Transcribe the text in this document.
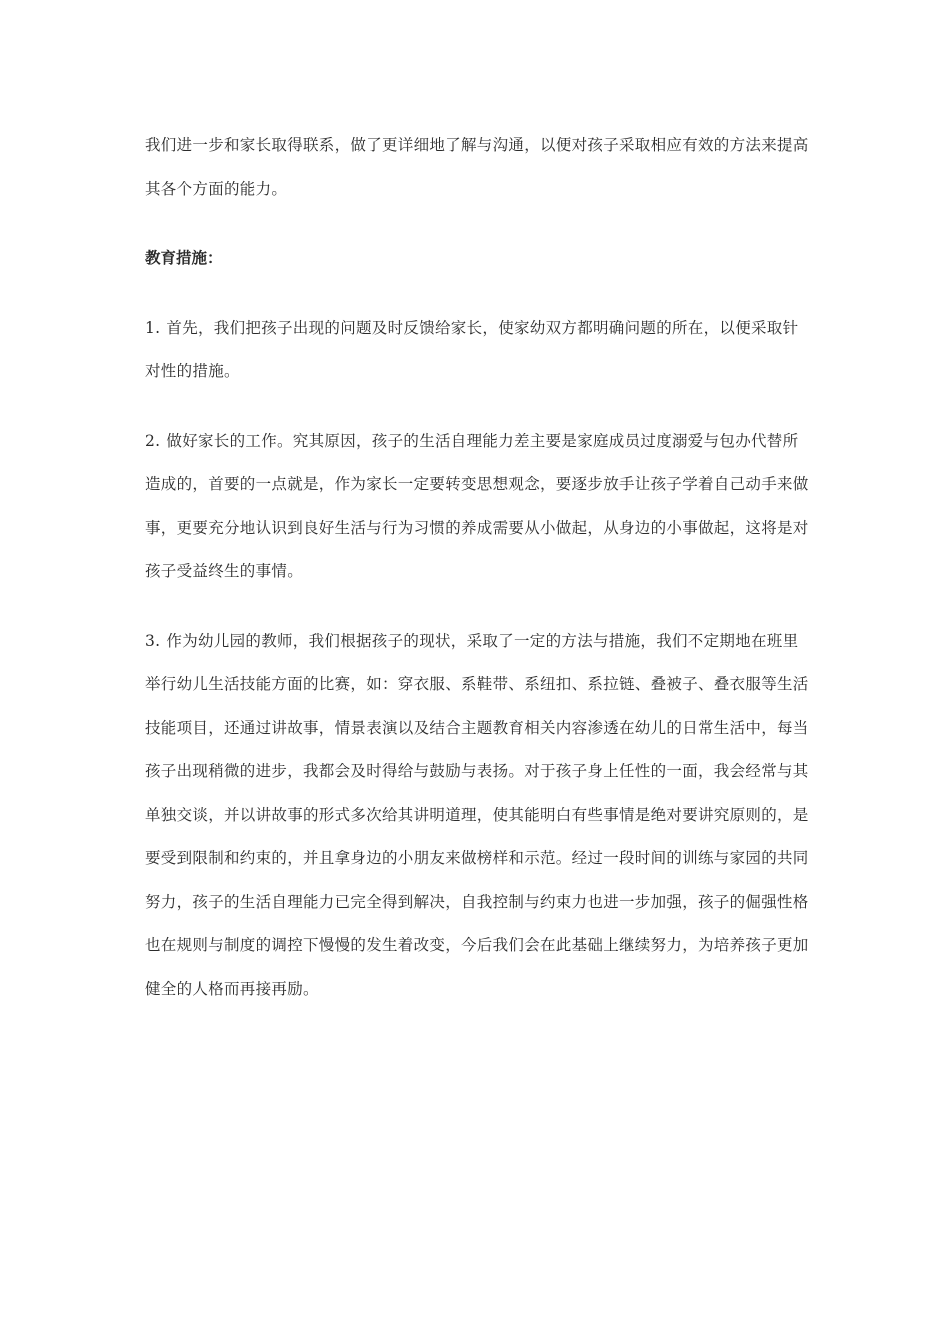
我们进一步和家长取得联系，做了更详细地了解与沟通，以便对孩子采取相应有效的方法来提高其各个方面的能力。

教育措施：

1. 首先，我们把孩子出现的问题及时反馈给家长，使家幼双方都明确问题的所在，以便采取针对性的措施。

2. 做好家长的工作。究其原因，孩子的生活自理能力差主要是家庭成员过度溺爱与包办代替所造成的，首要的一点就是，作为家长一定要转变思想观念，要逐步放手让孩子学着自己动手来做事，更要充分地认识到良好生活与行为习惯的养成需要从小做起，从身边的小事做起，这将是对孩子受益终生的事情。

3. 作为幼儿园的教师，我们根据孩子的现状，采取了一定的方法与措施，我们不定期地在班里举行幼儿生活技能方面的比赛，如：穿衣服、系鞋带、系纽扣、系拉链、叠被子、叠衣服等生活技能项目，还通过讲故事，情景表演以及结合主题教育相关内容渗透在幼儿的日常生活中，每当孩子出现稍微的进步，我都会及时得给与鼓励与表扬。对于孩子身上任性的一面，我会经常与其单独交谈，并以讲故事的形式多次给其讲明道理，使其能明白有些事情是绝对要讲究原则的，是要受到限制和约束的，并且拿身边的小朋友来做榜样和示范。经过一段时间的训练与家园的共同努力，孩子的生活自理能力已完全得到解决，自我控制与约束力也进一步加强，孩子的倔强性格也在规则与制度的调控下慢慢的发生着改变，今后我们会在此基础上继续努力，为培养孩子更加健全的人格而再接再励。
